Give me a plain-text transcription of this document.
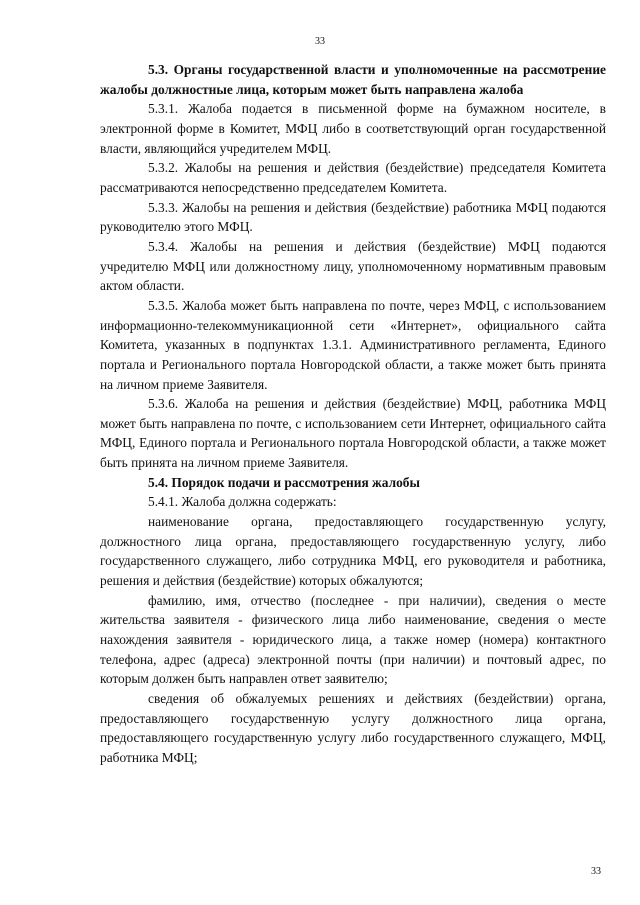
33

5.3. Органы государственной власти и уполномоченные на рассмотрение жалобы должностные лица, которым может быть направлена жалоба

5.3.1. Жалоба подается в письменной форме на бумажном носителе, в электронной форме в Комитет, МФЦ либо в соответствующий орган государственной власти, являющийся учредителем МФЦ.

5.3.2. Жалобы на решения и действия (бездействие) председателя Комитета рассматриваются непосредственно председателем Комитета.

5.3.3. Жалобы на решения и действия (бездействие) работника МФЦ подаются руководителю этого МФЦ.

5.3.4. Жалобы на решения и действия (бездействие) МФЦ подаются учредителю МФЦ или должностному лицу, уполномоченному нормативным правовым актом области.

5.3.5. Жалоба может быть направлена по почте, через МФЦ, с использованием информационно-телекоммуникационной сети «Интернет», официального сайта Комитета, указанных в подпунктах 1.3.1. Административного регламента, Единого портала и Регионального портала Новгородской области, а также может быть принята на личном приеме Заявителя.

5.3.6. Жалоба на решения и действия (бездействие) МФЦ, работника МФЦ может быть направлена по почте, с использованием сети Интернет, официального сайта МФЦ, Единого портала и Регионального портала Новгородской области, а также может быть принята на личном приеме Заявителя.

5.4. Порядок подачи и рассмотрения жалобы

5.4.1. Жалоба должна содержать:

наименование органа, предоставляющего государственную услугу, должностного лица органа, предоставляющего государственную услугу, либо государственного служащего, либо сотрудника МФЦ, его руководителя и работника, решения и действия (бездействие) которых обжалуются;

фамилию, имя, отчество (последнее - при наличии), сведения о месте жительства заявителя - физического лица либо наименование, сведения о месте нахождения заявителя - юридического лица, а также номер (номера) контактного телефона, адрес (адреса) электронной почты (при наличии) и почтовый адрес, по которым должен быть направлен ответ заявителю;

сведения об обжалуемых решениях и действиях (бездействии) органа, предоставляющего государственную услугу должностного лица органа, предоставляющего государственную услугу либо государственного служащего, МФЦ, работника МФЦ;

33
